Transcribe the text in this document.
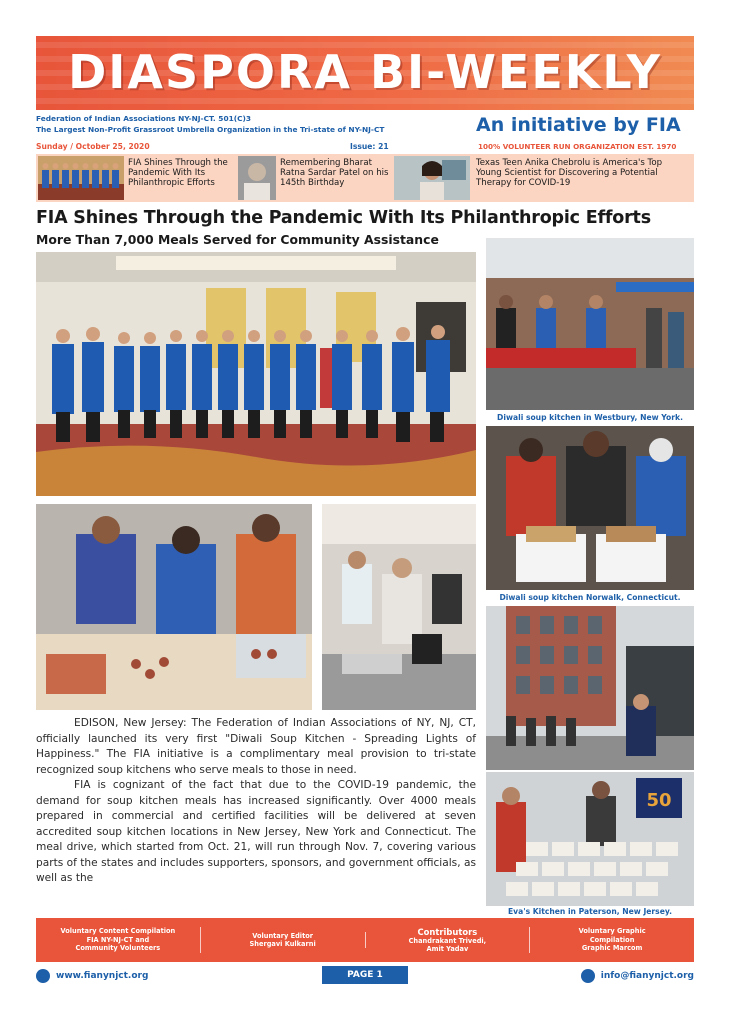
DIASPORA BI-WEEKLY
Federation of Indian Associations NY-NJ-CT. 501(C)3
The Largest Non-Profit Grassroot Umbrella Organization in the Tri-state of NY-NJ-CT	An initiative by FIA
100% VOLUNTEER RUN ORGANIZATION EST. 1970
Sunday / October 25, 2020	Issue: 21
FIA Shines Through the Pandemic With Its Philanthropic Efforts
Remembering Bharat Ratna Sardar Patel on his 145th Birthday
Texas Teen Anika Chebrolu is America's Top Young Scientist for Discovering a Potential Therapy for COVID-19
FIA Shines Through the Pandemic With Its Philanthropic Efforts
More Than 7,000 Meals Served for Community Assistance
Diwali soup kitchen in Westbury, New York.
Diwali soup kitchen Norwalk, Connecticut.
50
Eva's Kitchen in Paterson, New Jersey.

EDISON, New Jersey: The Federation of Indian Associations of NY, NJ, CT, officially launched its very first "Diwali Soup Kitchen - Spreading Lights of Happiness." The FIA initiative is a complimentary meal provision to tri-state recognized soup kitchens who serve meals to those in need.

FIA is cognizant of the fact that due to the COVID-19 pandemic, the demand for soup kitchen meals has increased significantly. Over 4000 meals prepared in commercial and certified facilities will be delivered at seven accredited soup kitchen locations in New Jersey, New York and Connecticut. The meal drive, which started from Oct. 21, will run through Nov. 7, covering various parts of the states and includes supporters, sponsors, and government officials, as well as the

Voluntary Content Compilation
FIA NY-NJ-CT and
Community Volunteers
Voluntary Editor
Shergavi Kulkarni
Contributors
Chandrakant Trivedi,
Amit Yadav
Voluntary Graphic
Compilation
Graphic Marcom
www.fianynjct.org	PAGE 1	info@fianynjct.org
